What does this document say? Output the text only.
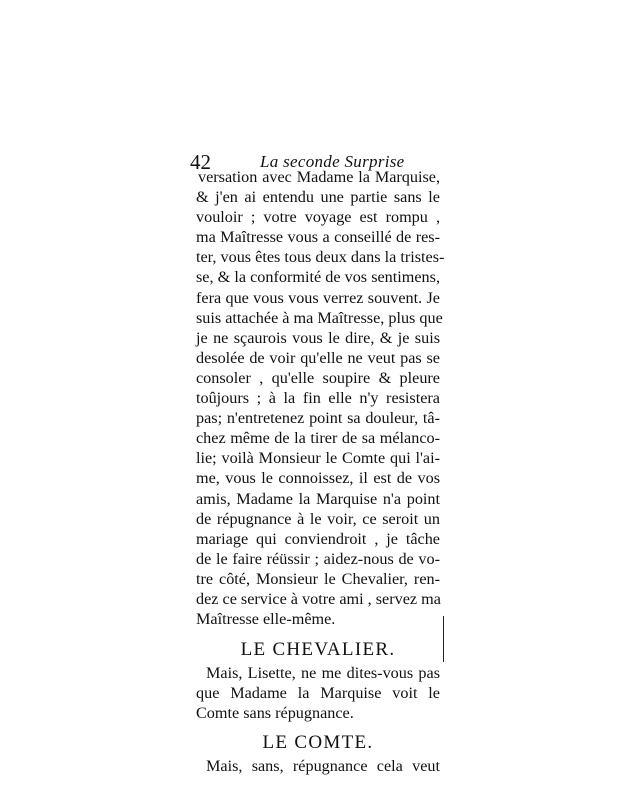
42	La seconde Surprise
versation avec Madame la Marquise,
& j'en ai entendu une partie sans le
vouloir ; votre voyage est rompu ,
ma Maîtresse vous a conseillé de res-
ter, vous êtes tous deux dans la tristes-
se, & la conformité de vos sentimens,
fera que vous vous verrez souvent. Je
suis attachée à ma Maîtresse, plus que
je ne sçaurois vous le dire, & je suis
desolée de voir qu'elle ne veut pas se
consoler , qu'elle soupire & pleure
toûjours ; à la fin elle n'y resistera
pas; n'entretenez point sa douleur, tâ-
chez même de la tirer de sa mélanco-
lie; voilà Monsieur le Comte qui l'ai-
me, vous le connoissez, il est de vos
amis, Madame la Marquise n'a point
de répugnance à le voir, ce seroit un
mariage qui conviendroit , je tâche
de le faire réüssir ; aidez-nous de vo-
tre côté, Monsieur le Chevalier, ren-
dez ce service à votre ami , servez ma
Maîtresse elle-même.
LE CHEVALIER.
Mais, Lisette, ne me dites-vous pas
que Madame la Marquise voit le
Comte sans répugnance.
LE COMTE.
Mais, sans, répugnance cela veut
